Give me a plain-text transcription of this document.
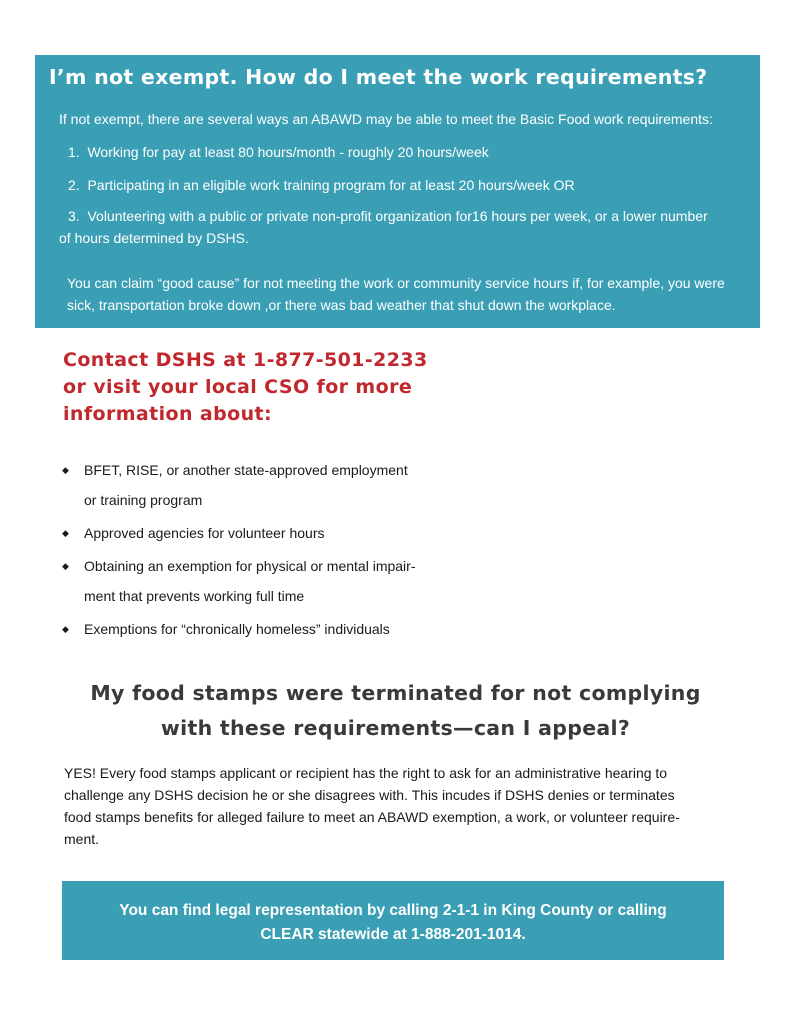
I’m not exempt. How do I meet the work requirements?
If not exempt, there are several ways an ABAWD may be able to meet the Basic Food work requirements:
1. Working for pay at least 80 hours/month - roughly 20 hours/week
2. Participating in an eligible work training program for at least 20 hours/week OR
3. Volunteering with a public or private non-profit organization for16 hours per week, or a lower number
of hours determined by DSHS.
You can claim “good cause” for not meeting the work or community service hours if, for example, you were sick, transportation broke down ,or there was bad weather that shut down the workplace.
Contact DSHS at 1-877-501-2233
or visit your local CSO for more
information about:
◆ BFET, RISE, or another state-approved employment
or training program
◆ Approved agencies for volunteer hours
◆ Obtaining an exemption for physical or mental impair-
ment that prevents working full time
◆ Exemptions for “chronically homeless” individuals
My food stamps were terminated for not complying
with these requirements—can I appeal?
YES! Every food stamps applicant or recipient has the right to ask for an administrative hearing to
challenge any DSHS decision he or she disagrees with. This incudes if DSHS denies or terminates
food stamps benefits for alleged failure to meet an ABAWD exemption, a work, or volunteer require-
ment.
You can find legal representation by calling 2-1-1 in King County or calling
CLEAR statewide at 1-888-201-1014.
